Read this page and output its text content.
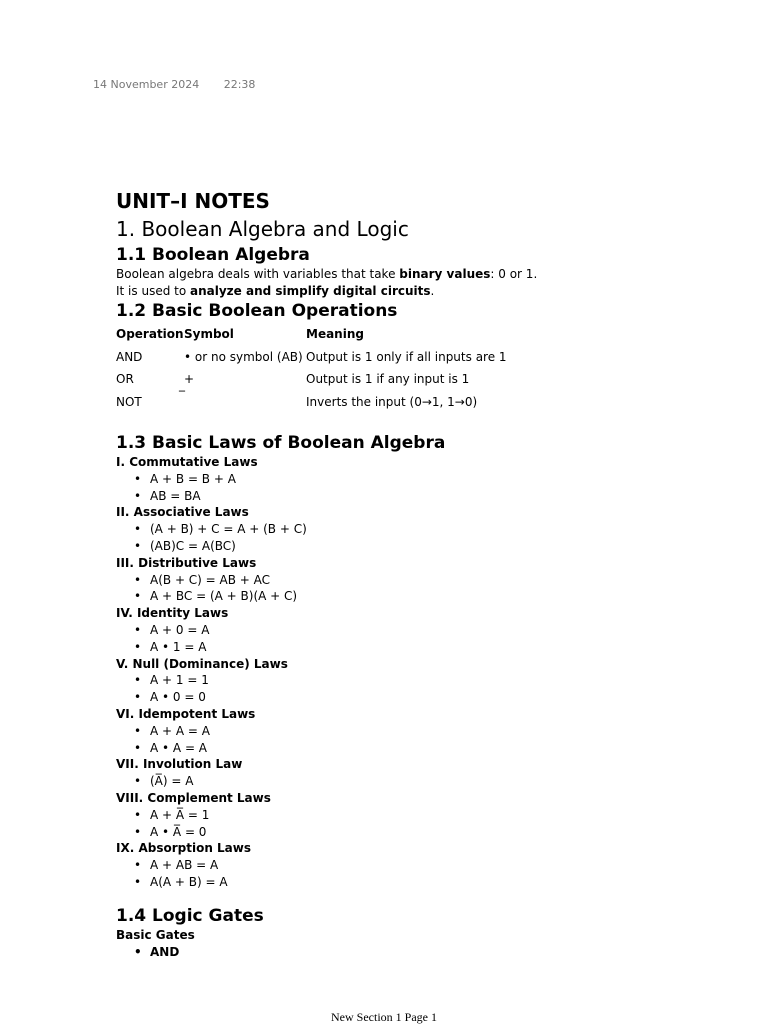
14 November 2024 22:38
UNIT–I NOTES
1. Boolean Algebra and Logic
1.1 Boolean Algebra

Boolean algebra deals with variables that take binary values: 0 or 1.

It is used to analyze and simplify digital circuits.

1.2 Basic Boolean Operations
Operation	Symbol	Meaning
AND	• or no symbol (AB)	Output is 1 only if all inputs are 1
OR	+	Output is 1 if any input is 1
NOT	‾	Inverts the input (0→1, 1→0)
1.3 Basic Laws of Boolean Algebra
I. Commutative Laws
• A + B = B + A
• AB = BA
II. Associative Laws
• (A + B) + C = A + (B + C)
• (AB)C = A(BC)
III. Distributive Laws
• A(B + C) = AB + AC
• A + BC = (A + B)(A + C)
IV. Identity Laws
• A + 0 = A
• A • 1 = A
V. Null (Dominance) Laws
• A + 1 = 1
• A • 0 = 0
VI. Idempotent Laws
• A + A = A
• A • A = A
VII. Involution Law
• (A̅) = A
VIII. Complement Laws
• A + A̅ = 1
• A • A̅ = 0
IX. Absorption Laws
• A + AB = A
• A(A + B) = A
1.4 Logic Gates
Basic Gates
• AND
New Section 1 Page 1
